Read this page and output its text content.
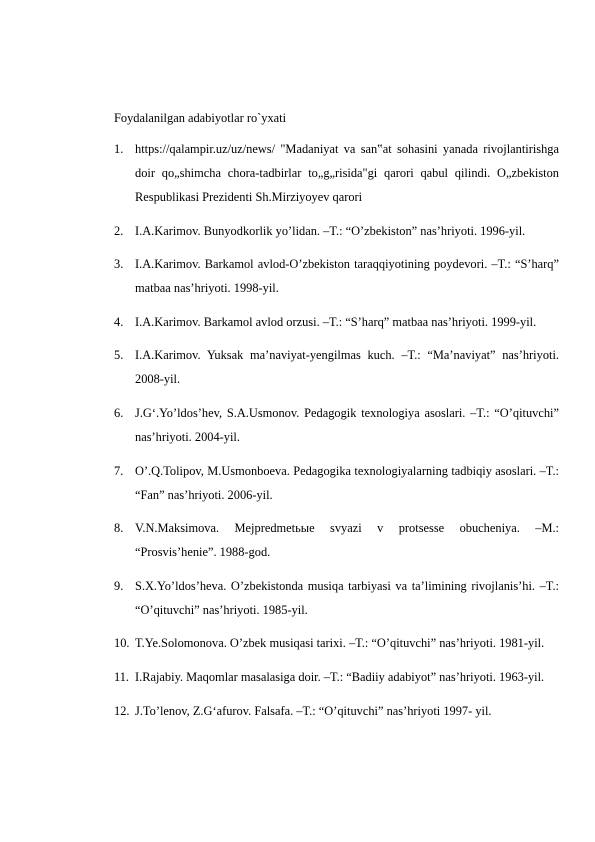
Foydalanilgan adabiyotlar ro`yxati
1. https://qalampir.uz/uz/news/ "Madaniyat va san‟at sohasini yanada rivojlantirishga doir qo„shimcha chora-tadbirlar to„g„risida"gi qarori qabul qilindi. O„zbekiston Respublikasi Prezidenti Sh.Mirziyoyev qarori
2. I.A.Karimov. Bunyodkorlik yo’lidan. –T.: “O’zbekiston” nas’hriyoti. 1996-yil.
3. I.A.Karimov. Barkamol avlod-O’zbekiston taraqqiyotining poydevori. –T.: “S’harq” matbaa nas’hriyoti. 1998-yil.
4. I.A.Karimov. Barkamol avlod orzusi. –T.: “S’harq” matbaa nas’hriyoti. 1999-yil.
5. I.A.Karimov. Yuksak ma’naviyat-yengilmas kuch. –T.: “Ma’naviyat” nas’hriyoti. 2008-yil.
6. J.G‘.Yo’ldos’hev, S.A.Usmonov. Pedagogik texnologiya asoslari. –T.: “O’qituvchi” nas’hriyoti. 2004-yil.
7. O’.Q.Tolipov, M.Usmonboeva. Pedagogika texnologiyalarning tadbiqiy asoslari. –T.: “Fan” nas’hriyoti. 2006-yil.
8. V.N.Maksimova. Mejpredmetьыe svyazi v protsesse obucheniya. –M.: “Prosvis’henie”. 1988-god.
9. S.X.Yo’ldos’heva. O’zbekistonda musiqa tarbiyasi va ta’limining rivojlanis’hi. –T.: “O’qituvchi” nas’hriyoti. 1985-yil.
10. T.Ye.Solomonova. O’zbek musiqasi tarixi. –T.: “O’qituvchi” nas’hriyoti. 1981-yil.
11. I.Rajabiy. Maqomlar masalasiga doir. –T.: “Badiiy adabiyot” nas’hriyoti. 1963-yil.
12. J.To’lenov, Z.G‘afurov. Falsafa. –T.: “O’qituvchi” nas’hriyoti 1997- yil.
